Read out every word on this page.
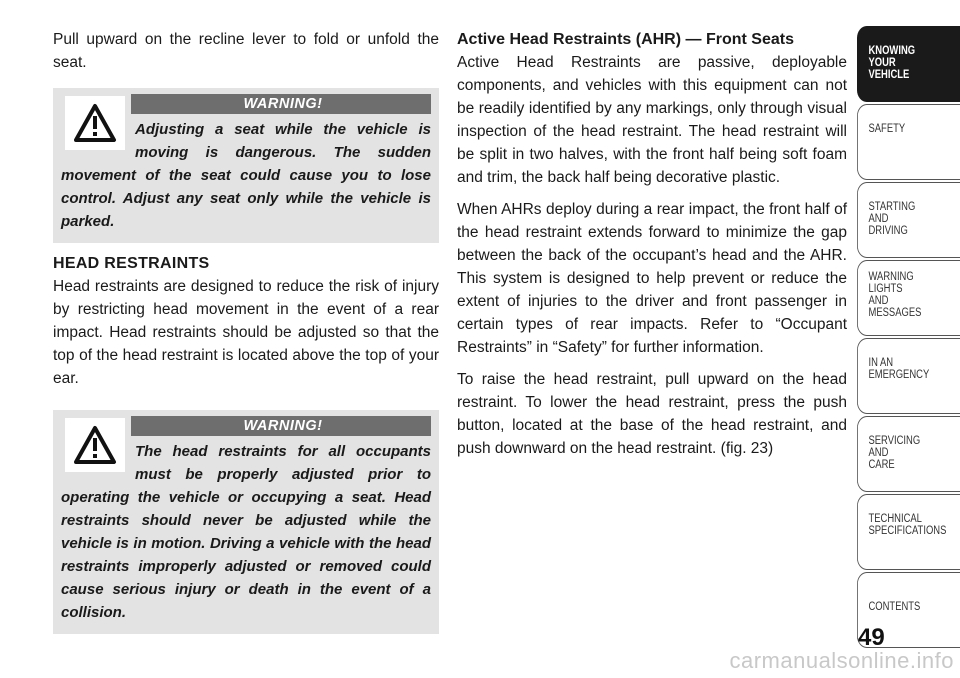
Pull upward on the recline lever to fold or unfold the seat.

WARNING!
Adjusting a seat while the vehicle is moving is dangerous. The sudden movement of the seat could cause you to lose control. Adjust any seat only while the vehicle is parked.
HEAD RESTRAINTS

Head restraints are designed to reduce the risk of injury by restricting head movement in the event of a rear impact. Head restraints should be adjusted so that the top of the head restraint is located above the top of your ear.

WARNING!
The head restraints for all occupants must be properly adjusted prior to operating the vehicle or occupying a seat. Head restraints should never be adjusted while the vehicle is in motion. Driving a vehicle with the head restraints improperly adjusted or removed could cause serious injury or death in the event of a collision.
Active Head Restraints (AHR) — Front Seats

Active Head Restraints are passive, deployable components, and vehicles with this equipment can not be readily identified by any markings, only through visual inspection of the head restraint. The head restraint will be split in two halves, with the front half being soft foam and trim, the back half being decorative plastic.

When AHRs deploy during a rear impact, the front half of the head restraint extends forward to minimize the gap between the back of the occupant’s head and the AHR. This system is designed to help prevent or reduce the extent of injuries to the driver and front passenger in certain types of rear impacts. Refer to “Occupant Restraints” in “Safety” for further information.

To raise the head restraint, pull upward on the head restraint. To lower the head restraint, press the push button, located at the base of the head restraint, and push downward on the head restraint. (fig. 23)

KNOWING
YOUR
VEHICLE
SAFETY
STARTING
AND
DRIVING
WARNING
LIGHTS
AND
MESSAGES
IN AN
EMERGENCY
SERVICING
AND
CARE
TECHNICAL
SPECIFICATIONS
CONTENTS
49
carmanualsonline.info
